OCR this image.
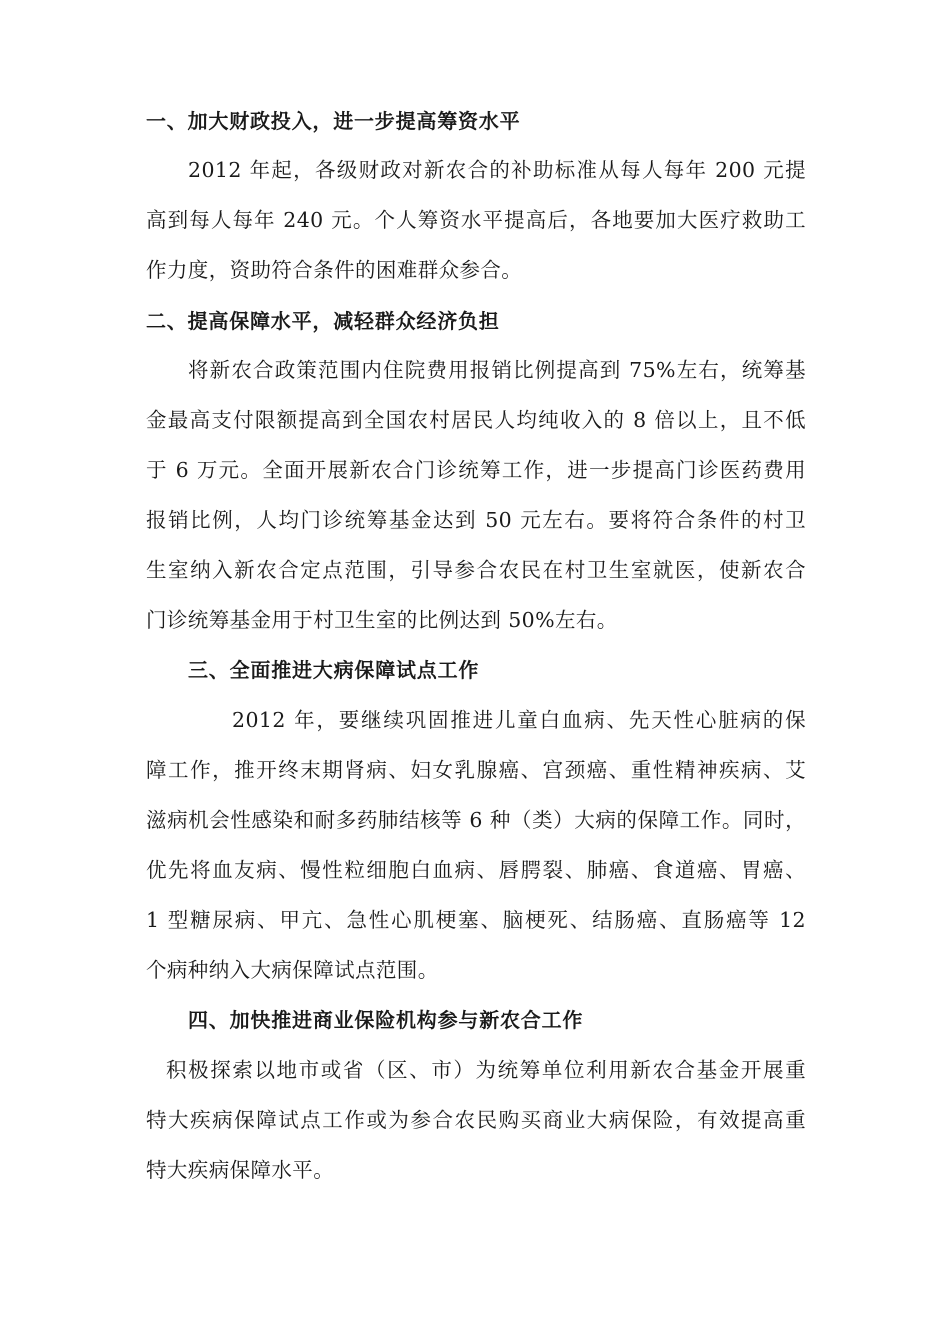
一、加大财政投入，进一步提高筹资水平
2012 年起，各级财政对新农合的补助标准从每人每年 200 元提
高到每人每年 240 元。个人筹资水平提高后，各地要加大医疗救助工
作力度，资助符合条件的困难群众参合。
二、提高保障水平，减轻群众经济负担
将新农合政策范围内住院费用报销比例提高到 75%左右，统筹基
金最高支付限额提高到全国农村居民人均纯收入的 8 倍以上，且不低
于 6 万元。全面开展新农合门诊统筹工作，进一步提高门诊医药费用
报销比例，人均门诊统筹基金达到 50 元左右。要将符合条件的村卫
生室纳入新农合定点范围，引导参合农民在村卫生室就医，使新农合
门诊统筹基金用于村卫生室的比例达到 50%左右。
三、全面推进大病保障试点工作
2012 年，要继续巩固推进儿童白血病、先天性心脏病的保
障工作，推开终末期肾病、妇女乳腺癌、宫颈癌、重性精神疾病、艾
滋病机会性感染和耐多药肺结核等 6 种（类）大病的保障工作。同时，
优先将血友病、慢性粒细胞白血病、唇腭裂、肺癌、食道癌、胃癌、
1 型糖尿病、甲亢、急性心肌梗塞、脑梗死、结肠癌、直肠癌等 12
个病种纳入大病保障试点范围。
四、加快推进商业保险机构参与新农合工作
积极探索以地市或省（区、市）为统筹单位利用新农合基金开展重
特大疾病保障试点工作或为参合农民购买商业大病保险，有效提高重
特大疾病保障水平。
